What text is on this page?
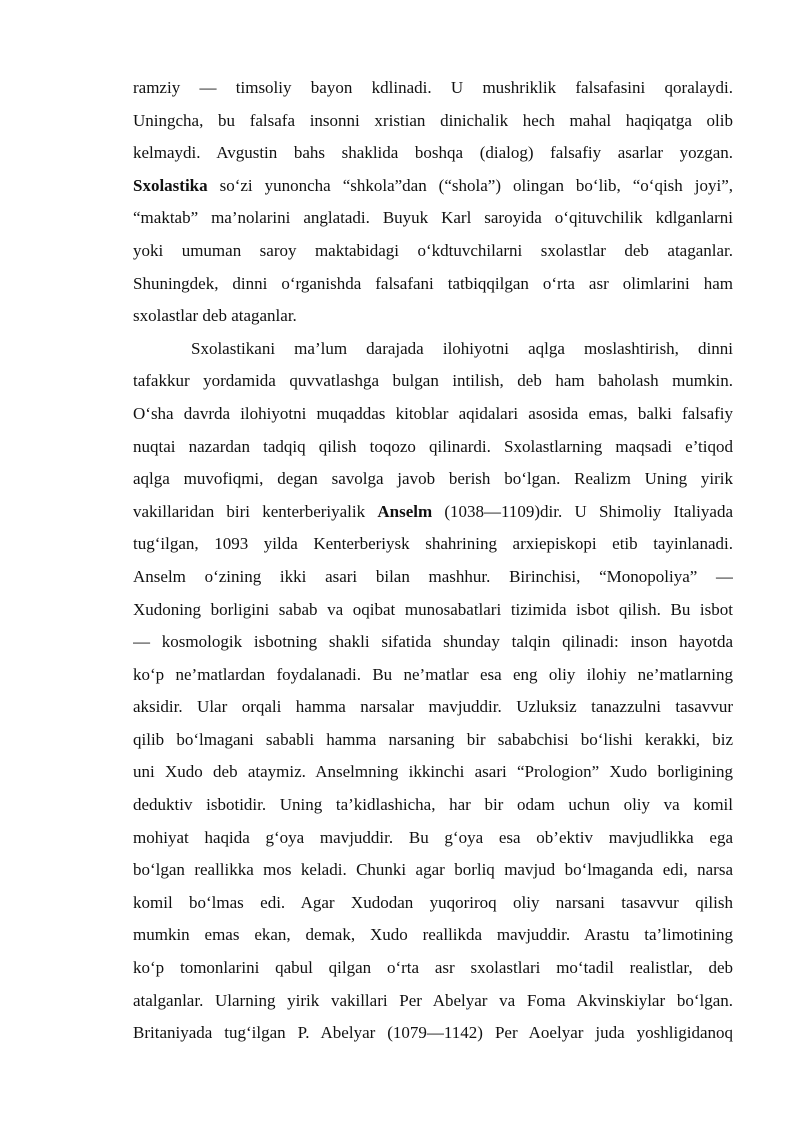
ramziy — timsoliy bayon kdlinadi. U mushriklik falsafasini qoralaydi.
Uningcha, bu falsafa insonni xristian dinichalik hech mahal haqiqatga olib
kelmaydi. Avgustin bahs shaklida boshqa (dialog) falsafiy asarlar yozgan.
Sxolastika so‘zi yunoncha “shkola”dan (“shola”) olingan bo‘lib, “o‘qish joyi”,
“maktab” ma’nolarini anglatadi. Buyuk Karl saroyida o‘qituvchilik kdlganlarni
yoki umuman saroy maktabidagi o‘kdtuvchilarni sxolastlar deb ataganlar.
Shuningdek, dinni o‘rganishda falsafani tatbiqqilgan o‘rta asr olimlarini ham
sxolastlar deb ataganlar.
Sxolastikani ma’lum darajada ilohiyotni aqlga moslashtirish, dinni
tafakkur yordamida quvvatlashga bulgan intilish, deb ham baholash mumkin.
O‘sha davrda ilohiyotni muqaddas kitoblar aqidalari asosida emas, balki falsafiy
nuqtai nazardan tadqiq qilish toqozo qilinardi. Sxolastlarning maqsadi e’tiqod
aqlga muvofiqmi, degan savolga javob berish bo‘lgan. Realizm Uning yirik
vakillaridan biri kenterberiyalik Anselm (1038—1109)dir. U Shimoliy Italiyada
tug‘ilgan, 1093 yilda Kenterberiysk shahrining arxiepiskopi etib tayinlanadi.
Anselm o‘zining ikki asari bilan mashhur. Birinchisi, “Monopoliya” —
Xudoning borligini sabab va oqibat munosabatlari tizimida isbot qilish. Bu isbot
— kosmologik isbotning shakli sifatida shunday talqin qilinadi: inson hayotda
ko‘p ne’matlardan foydalanadi. Bu ne’matlar esa eng oliy ilohiy ne’matlarning
aksidir. Ular orqali hamma narsalar mavjuddir. Uzluksiz tanazzulni tasavvur
qilib bo‘lmagani sababli hamma narsaning bir sababchisi bo‘lishi kerakki, biz
uni Xudo deb ataymiz. Anselmning ikkinchi asari “Prologion” Xudo borligining
deduktiv isbotidir. Uning ta’kidlashicha, har bir odam uchun oliy va komil
mohiyat haqida g‘oya mavjuddir. Bu g‘oya esa ob’ektiv mavjudlikka ega
bo‘lgan reallikka mos keladi. Chunki agar borliq mavjud bo‘lmaganda edi, narsa
komil bo‘lmas edi. Agar Xudodan yuqoriroq oliy narsani tasavvur qilish
mumkin emas ekan, demak, Xudo reallikda mavjuddir. Arastu ta’limotining
ko‘p tomonlarini qabul qilgan o‘rta asr sxolastlari mo‘tadil realistlar, deb
atalganlar. Ularning yirik vakillari Per Abelyar va Foma Akvinskiylar bo‘lgan.
Britaniyada tug‘ilgan P. Abelyar (1079—1142) Per Aoelyar juda yoshligidanoq
